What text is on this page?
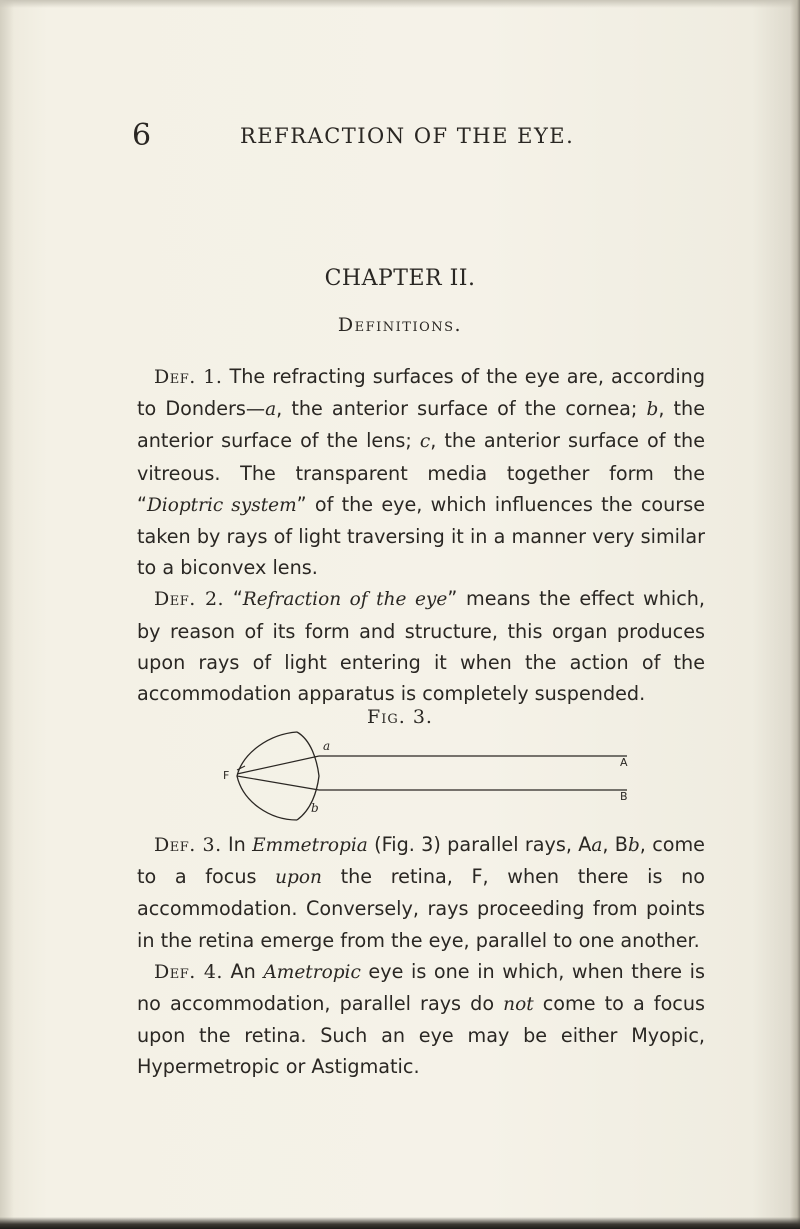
6	REFRACTION OF THE EYE.
CHAPTER II.
Definitions.

Def. 1. The refracting surfaces of the eye are, according to Donders—a, the anterior surface of the cornea; b, the anterior surface of the lens; c, the anterior surface of the vitreous. The transparent media together form the “Dioptric system” of the eye, which influences the course taken by rays of light traversing it in a manner very similar to a biconvex lens.

Def. 2. “Refraction of the eye” means the effect which, by reason of its form and structure, this organ produces upon rays of light entering it when the action of the accommodation apparatus is completely suspended.

Fig. 3.
F
A
B
a
b

Def. 3. In Emmetropia (Fig. 3) parallel rays, Aa, Bb, come to a focus upon the retina, F, when there is no accommodation. Conversely, rays proceeding from points in the retina emerge from the eye, parallel to one another.

Def. 4. An Ametropic eye is one in which, when there is no accommodation, parallel rays do not come to a focus upon the retina. Such an eye may be either Myopic, Hypermetropic or Astigmatic.
